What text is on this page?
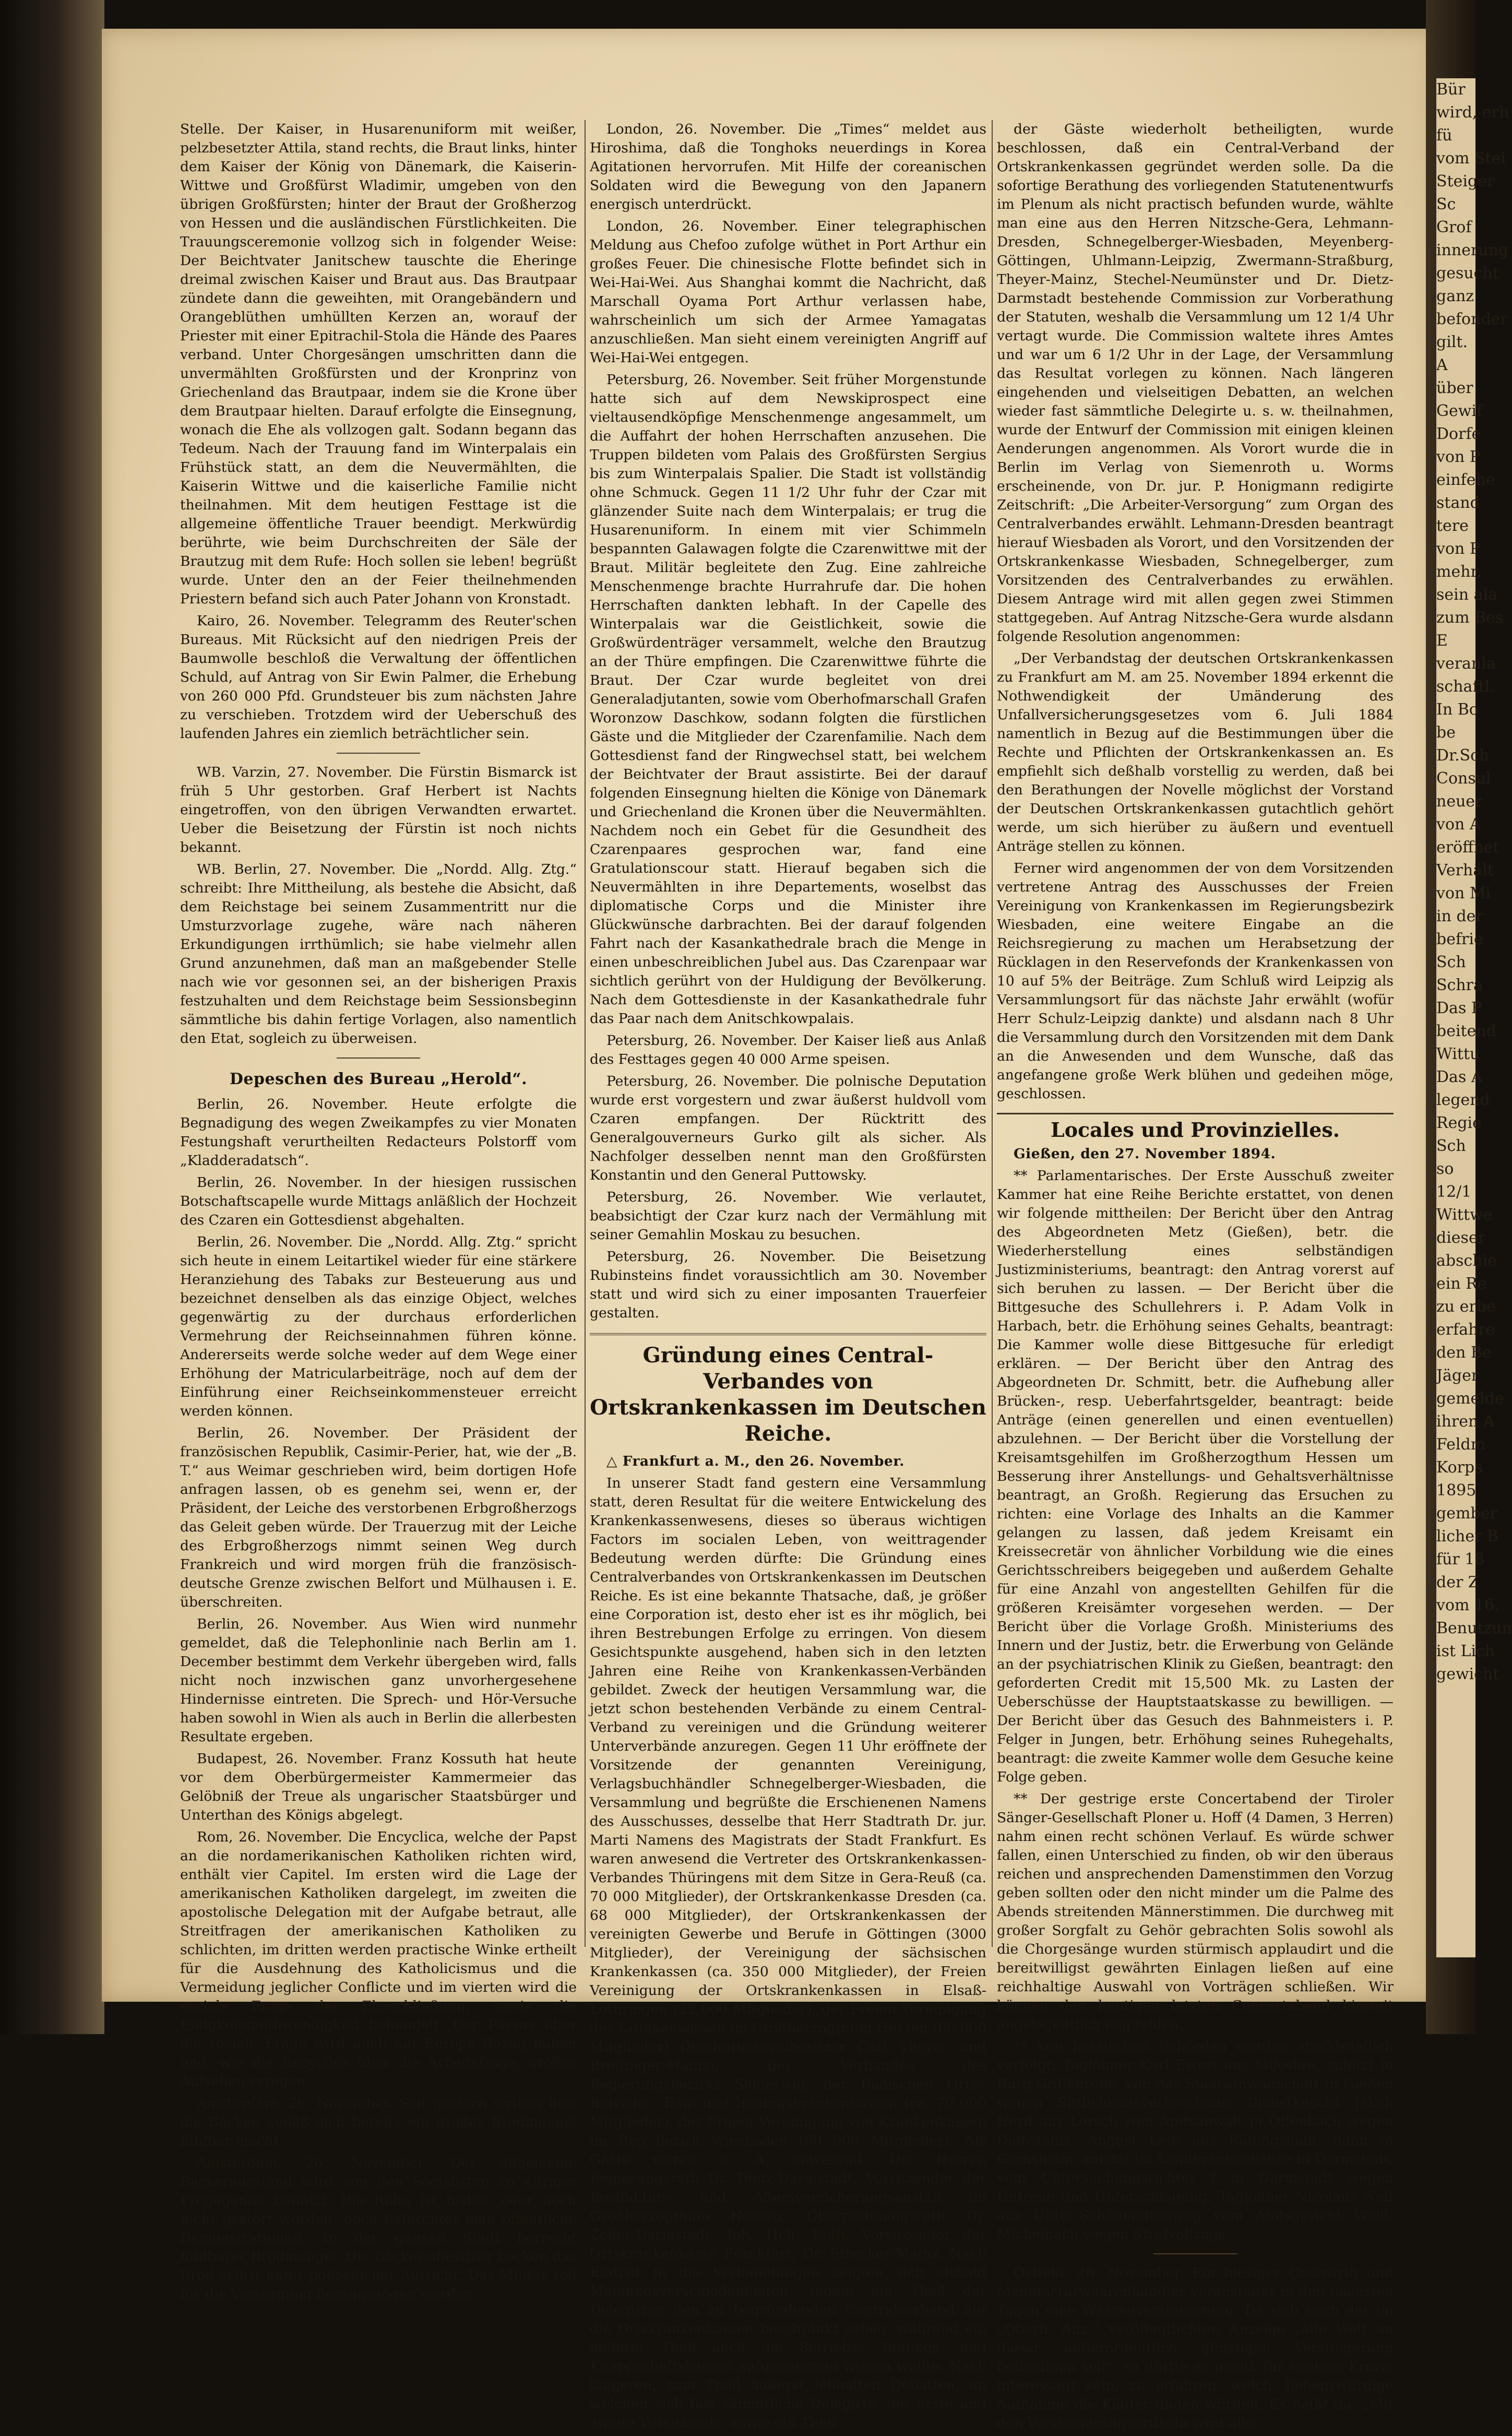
Stelle. Der Kaiser, in Husarenuniform mit weißer, pelzbesetzter Attila, stand rechts, die Braut links, hinter dem Kaiser der König von Dänemark, die Kaiserin-Wittwe und Großfürst Wladimir, umgeben von den übrigen Großfürsten; hinter der Braut der Großherzog von Hessen und die ausländischen Fürstlichkeiten. Die Trauungsceremonie vollzog sich in folgender Weise: Der Beichtvater Janitschew tauschte die Eheringe dreimal zwischen Kaiser und Braut aus. Das Brautpaar zündete dann die geweihten, mit Orangebändern und Orangeblüthen umhüllten Kerzen an, worauf der Priester mit einer Epitrachil-Stola die Hände des Paares verband. Unter Chorgesängen umschritten dann die unvermählten Großfürsten und der Kronprinz von Griechenland das Brautpaar, indem sie die Krone über dem Brautpaar hielten. Darauf erfolgte die Einsegnung, wonach die Ehe als vollzogen galt. Sodann begann das Tedeum. Nach der Trauung fand im Winterpalais ein Frühstück statt, an dem die Neuvermählten, die Kaiserin Wittwe und die kaiserliche Familie nicht theilnahmen. Mit dem heutigen Festtage ist die allgemeine öffentliche Trauer beendigt. Merkwürdig berührte, wie beim Durchschreiten der Säle der Brautzug mit dem Rufe: Hoch sollen sie leben! begrüßt wurde. Unter den an der Feier theilnehmenden Priestern befand sich auch Pater Johann von Kronstadt.

Kairo, 26. November. Telegramm des Reuter'schen Bureaus. Mit Rücksicht auf den niedrigen Preis der Baumwolle beschloß die Verwaltung der öffentlichen Schuld, auf Antrag von Sir Ewin Palmer, die Erhebung von 260 000 Pfd. Grundsteuer bis zum nächsten Jahre zu verschieben. Trotzdem wird der Ueberschuß des laufenden Jahres ein ziemlich beträchtlicher sein.

WB. Varzin, 27. November. Die Fürstin Bismarck ist früh 5 Uhr gestorben. Graf Herbert ist Nachts eingetroffen, von den übrigen Verwandten erwartet. Ueber die Beisetzung der Fürstin ist noch nichts bekannt.

WB. Berlin, 27. November. Die „Nordd. Allg. Ztg.“ schreibt: Ihre Mittheilung, als bestehe die Absicht, daß dem Reichstage bei seinem Zusammentritt nur die Umsturzvorlage zugehe, wäre nach näheren Erkundigungen irrthümlich; sie habe vielmehr allen Grund anzunehmen, daß man an maßgebender Stelle nach wie vor gesonnen sei, an der bisherigen Praxis festzuhalten und dem Reichstage beim Sessionsbeginn sämmtliche bis dahin fertige Vorlagen, also namentlich den Etat, sogleich zu überweisen.

Depeschen des Bureau „Herold“.

Berlin, 26. November. Heute erfolgte die Begnadigung des wegen Zweikampfes zu vier Monaten Festungshaft verurtheilten Redacteurs Polstorff vom „Kladderadatsch“.

Berlin, 26. November. In der hiesigen russischen Botschaftscapelle wurde Mittags anläßlich der Hochzeit des Czaren ein Gottesdienst abgehalten.

Berlin, 26. November. Die „Nordd. Allg. Ztg.“ spricht sich heute in einem Leitartikel wieder für eine stärkere Heranziehung des Tabaks zur Besteuerung aus und bezeichnet denselben als das einzige Object, welches gegenwärtig zu der durchaus erforderlichen Vermehrung der Reichseinnahmen führen könne. Andererseits werde solche weder auf dem Wege einer Erhöhung der Matricularbeiträge, noch auf dem der Einführung einer Reichseinkommensteuer erreicht werden können.

Berlin, 26. November. Der Präsident der französischen Republik, Casimir-Perier, hat, wie der „B. T.“ aus Weimar geschrieben wird, beim dortigen Hofe anfragen lassen, ob es genehm sei, wenn er, der Präsident, der Leiche des verstorbenen Erbgroßherzogs das Geleit geben würde. Der Trauerzug mit der Leiche des Erbgroßherzogs nimmt seinen Weg durch Frankreich und wird morgen früh die französisch-deutsche Grenze zwischen Belfort und Mülhausen i. E. überschreiten.

Berlin, 26. November. Aus Wien wird nunmehr gemeldet, daß die Telephonlinie nach Berlin am 1. December bestimmt dem Verkehr übergeben wird, falls nicht noch inzwischen ganz unvorhergesehene Hindernisse eintreten. Die Sprech- und Hör-Versuche haben sowohl in Wien als auch in Berlin die allerbesten Resultate ergeben.

Budapest, 26. November. Franz Kossuth hat heute vor dem Oberbürgermeister Kammermeier das Gelöbniß der Treue als ungarischer Staatsbürger und Unterthan des Königs abgelegt.

Rom, 26. November. Die Encyclica, welche der Papst an die nordamerikanischen Katholiken richten wird, enthält vier Capitel. Im ersten wird die Lage der amerikanischen Katholiken dargelegt, im zweiten die apostolische Delegation mit der Aufgabe betraut, alle Streitfragen der amerikanischen Katholiken zu schlichten, im dritten werden practische Winke ertheilt für die Ausdehnung des Katholicismus und die Vermeidung jeglicher Conflicte und im vierten wird die sociale Frage der Eheschließung, sowie die Einigkeitsnothwendigkeit behandelt. Der Passus über die sociale Frage wird auch auf Europa Bezug haben und, wie die Encyclica über die Arbeitsfrage, großes Aufsehen erregen.

Amsterdam, 26. November. Seit gestern striken hier die Bäcker, sodaß sich bereits ein großer Brodmangel fühlbar macht.

Amsterdam, 26. November. Der allgemeine Bäckerausstand wird von den Socialisten zu eifriger Propaganda benutzt. Die Ruhe ist bisher zwar noch nicht gestört worden, doch befürchtet man öffentliche Demonstrationen. In der ganzen Stadt herrscht fühlbarer Brodmangel. Die Bäckereibesitzer backen das Brod selbst unter polizeilicher Aufsicht. Das Militär soll für die Versorgung herangezogen werden.

London, 26. November. Die „Times“ meldet aus Hiroshima, daß die Tonghoks neuerdings in Korea Agitationen hervorrufen. Mit Hilfe der coreanischen Soldaten wird die Bewegung von den Japanern energisch unterdrückt.

London, 26. November. Einer telegraphischen Meldung aus Chefoo zufolge wüthet in Port Arthur ein großes Feuer. Die chinesische Flotte befindet sich in Wei-Hai-Wei. Aus Shanghai kommt die Nachricht, daß Marschall Oyama Port Arthur verlassen habe, wahrscheinlich um sich der Armee Yamagatas anzuschließen. Man sieht einem vereinigten Angriff auf Wei-Hai-Wei entgegen.

Petersburg, 26. November. Seit früher Morgenstunde hatte sich auf dem Newskiprospect eine vieltausendköpfige Menschenmenge angesammelt, um die Auffahrt der hohen Herrschaften anzusehen. Die Truppen bildeten vom Palais des Großfürsten Sergius bis zum Winterpalais Spalier. Die Stadt ist vollständig ohne Schmuck. Gegen 11 1/2 Uhr fuhr der Czar mit glänzender Suite nach dem Winterpalais; er trug die Husarenuniform. In einem mit vier Schimmeln bespannten Galawagen folgte die Czarenwittwe mit der Braut. Militär begleitete den Zug. Eine zahlreiche Menschenmenge brachte Hurrahrufe dar. Die hohen Herrschaften dankten lebhaft. In der Capelle des Winterpalais war die Geistlichkeit, sowie die Großwürdenträger versammelt, welche den Brautzug an der Thüre empfingen. Die Czarenwittwe führte die Braut. Der Czar wurde begleitet von drei Generaladjutanten, sowie vom Oberhofmarschall Grafen Woronzow Daschkow, sodann folgten die fürstlichen Gäste und die Mitglieder der Czarenfamilie. Nach dem Gottesdienst fand der Ringwechsel statt, bei welchem der Beichtvater der Braut assistirte. Bei der darauf folgenden Einsegnung hielten die Könige von Dänemark und Griechenland die Kronen über die Neuvermählten. Nachdem noch ein Gebet für die Gesundheit des Czarenpaares gesprochen war, fand eine Gratulationscour statt. Hierauf begaben sich die Neuvermählten in ihre Departements, woselbst das diplomatische Corps und die Minister ihre Glückwünsche darbrachten. Bei der darauf folgenden Fahrt nach der Kasankathedrale brach die Menge in einen unbeschreiblichen Jubel aus. Das Czarenpaar war sichtlich gerührt von der Huldigung der Bevölkerung. Nach dem Gottesdienste in der Kasankathedrale fuhr das Paar nach dem Anitschkowpalais.

Petersburg, 26. November. Der Kaiser ließ aus Anlaß des Festtages gegen 40 000 Arme speisen.

Petersburg, 26. November. Die polnische Deputation wurde erst vorgestern und zwar äußerst huldvoll vom Czaren empfangen. Der Rücktritt des Generalgouverneurs Gurko gilt als sicher. Als Nachfolger desselben nennt man den Großfürsten Konstantin und den General Puttowsky.

Petersburg, 26. November. Wie verlautet, beabsichtigt der Czar kurz nach der Vermählung mit seiner Gemahlin Moskau zu besuchen.

Petersburg, 26. November. Die Beisetzung Rubinsteins findet voraussichtlich am 30. November statt und wird sich zu einer imposanten Trauerfeier gestalten.

Gründung eines Central-Verbandes von Ortskrankenkassen im Deutschen Reiche.

△ Frankfurt a. M., den 26. November.

In unserer Stadt fand gestern eine Versammlung statt, deren Resultat für die weitere Entwickelung des Krankenkassenwesens, dieses so überaus wichtigen Factors im socialen Leben, von weittragender Bedeutung werden dürfte: Die Gründung eines Centralverbandes von Ortskrankenkassen im Deutschen Reiche. Es ist eine bekannte Thatsache, daß, je größer eine Corporation ist, desto eher ist es ihr möglich, bei ihren Bestrebungen Erfolge zu erringen. Von diesem Gesichtspunkte ausgehend, haben sich in den letzten Jahren eine Reihe von Krankenkassen-Verbänden gebildet. Zweck der heutigen Versammlung war, die jetzt schon bestehenden Verbände zu einem Central-Verband zu vereinigen und die Gründung weiterer Unterverbände anzuregen. Gegen 11 Uhr eröffnete der Vorsitzende der genannten Vereinigung, Verlagsbuchhändler Schnegelberger-Wiesbaden, die Versammlung und begrüßte die Erschienenen Namens des Ausschusses, desselbe that Herr Stadtrath Dr. jur. Marti Namens des Magistrats der Stadt Frankfurt. Es waren anwesend die Vertreter des Ortskrankenkassen-Verbandes Thüringens mit dem Sitze in Gera-Reuß (ca. 70 000 Mitglieder), der Ortskrankenkasse Dresden (ca. 68 000 Mitglieder), der Ortskrankenkassen der vereinigten Gewerbe und Berufe in Göttingen (3000 Mitglieder), der Vereinigung der sächsischen Krankenkassen (ca. 350 000 Mitglieder), der Freien Vereinigung der Ortskrankenkassen in Elsaß-Lothringen (22 000 Mitglieder), der Freien Vereinigung der Krankenkassen im Großherzogthum Hessen (60 000 Mitglieder) (Buchdruckereibesitzer Carl Theyer und Breitinger-Mainz), des Verbandes des Regierungsbezirks Schleswig, der Badischen Orts-, Betriebs-, Bau- und Innungskrankenkassen (ca. 70 000 Mitglieder), der Freien Vereinigung von Krankenkassen im Reg.-Bezirk Wiesbaden (60 000 Mitglieder). Als Gäste waren u. A. anwesend: Die Herren Regierungsrath Dr. Dietz-Darmstadt, Vorsitzender der Invaliditäts- und Altersversicherungsanstalt im Großherzogthum Hessen, Oberrechnungsrath Dr. Zeller-Darmstadt, Joh. Hch. Roth, Vorsitzender der Ortskrankenkasse Frankfurt, Dr. Strecker-Mainz. Nach Eintritt in die Verhandlungen zeigten sich alsbald Meinungsverschiedenheiten, indem ein Theil der Delegirten den zu begründenden Centralverband auf die Ortskrankenkassen beschränkt sehen, während ein anderer Theil auch die Betriebs-, Innungs- und Knappschaftskassen aufgenommen wissen wollte. Nach längeren, zum Theil äußerst lebhaften Debatten, an welchen sich fast sämmtliche Delegirte, der erste und zweite Vorsitzende, sowie ein Theil

der Gäste wiederholt betheiligten, wurde beschlossen, daß ein Central-Verband der Ortskrankenkassen gegründet werden solle. Da die sofortige Berathung des vorliegenden Statutenentwurfs im Plenum als nicht practisch befunden wurde, wählte man eine aus den Herren Nitzsche-Gera, Lehmann-Dresden, Schnegelberger-Wiesbaden, Meyenberg-Göttingen, Uhlmann-Leipzig, Zwermann-Straßburg, Theyer-Mainz, Stechel-Neumünster und Dr. Dietz-Darmstadt bestehende Commission zur Vorberathung der Statuten, weshalb die Versammlung um 12 1/4 Uhr vertagt wurde. Die Commission waltete ihres Amtes und war um 6 1/2 Uhr in der Lage, der Versammlung das Resultat vorlegen zu können. Nach längeren eingehenden und vielseitigen Debatten, an welchen wieder fast sämmtliche Delegirte u. s. w. theilnahmen, wurde der Entwurf der Commission mit einigen kleinen Aenderungen angenommen. Als Vorort wurde die in Berlin im Verlag von Siemenroth u. Worms erscheinende, von Dr. jur. P. Honigmann redigirte Zeitschrift: „Die Arbeiter-Versorgung“ zum Organ des Centralverbandes erwählt. Lehmann-Dresden beantragt hierauf Wiesbaden als Vorort, und den Vorsitzenden der Ortskrankenkasse Wiesbaden, Schnegelberger, zum Vorsitzenden des Centralverbandes zu erwählen. Diesem Antrage wird mit allen gegen zwei Stimmen stattgegeben. Auf Antrag Nitzsche-Gera wurde alsdann folgende Resolution angenommen:

„Der Verbandstag der deutschen Ortskrankenkassen zu Frankfurt am M. am 25. November 1894 erkennt die Nothwendigkeit der Umänderung des Unfallversicherungsgesetzes vom 6. Juli 1884 namentlich in Bezug auf die Bestimmungen über die Rechte und Pflichten der Ortskrankenkassen an. Es empfiehlt sich deßhalb vorstellig zu werden, daß bei den Berathungen der Novelle möglichst der Vorstand der Deutschen Ortskrankenkassen gutachtlich gehört werde, um sich hierüber zu äußern und eventuell Anträge stellen zu können.

Ferner wird angenommen der von dem Vorsitzenden vertretene Antrag des Ausschusses der Freien Vereinigung von Krankenkassen im Regierungsbezirk Wiesbaden, eine weitere Eingabe an die Reichsregierung zu machen um Herabsetzung der Rücklagen in den Reservefonds der Krankenkassen von 10 auf 5% der Beiträge. Zum Schluß wird Leipzig als Versammlungsort für das nächste Jahr erwählt (wofür Herr Schulz-Leipzig dankte) und alsdann nach 8 Uhr die Versammlung durch den Vorsitzenden mit dem Dank an die Anwesenden und dem Wunsche, daß das angefangene große Werk blühen und gedeihen möge, geschlossen.

Locales und Provinzielles.

Gießen, den 27. November 1894.

** Parlamentarisches. Der Erste Ausschuß zweiter Kammer hat eine Reihe Berichte erstattet, von denen wir folgende mittheilen: Der Bericht über den Antrag des Abgeordneten Metz (Gießen), betr. die Wiederherstellung eines selbständigen Justizministeriums, beantragt: den Antrag vorerst auf sich beruhen zu lassen. — Der Bericht über die Bittgesuche des Schullehrers i. P. Adam Volk in Harbach, betr. die Erhöhung seines Gehalts, beantragt: Die Kammer wolle diese Bittgesuche für erledigt erklären. — Der Bericht über den Antrag des Abgeordneten Dr. Schmitt, betr. die Aufhebung aller Brücken-, resp. Ueberfahrtsgelder, beantragt: beide Anträge (einen generellen und einen eventuellen) abzulehnen. — Der Bericht über die Vorstellung der Kreisamtsgehilfen im Großherzogthum Hessen um Besserung ihrer Anstellungs- und Gehaltsverhältnisse beantragt, an Großh. Regierung das Ersuchen zu richten: eine Vorlage des Inhalts an die Kammer gelangen zu lassen, daß jedem Kreisamt ein Kreissecretär von ähnlicher Vorbildung wie die eines Gerichtsschreibers beigegeben und außerdem Gehalte für eine Anzahl von angestellten Gehilfen für die größeren Kreisämter vorgesehen werden. — Der Bericht über die Vorlage Großh. Ministeriums des Innern und der Justiz, betr. die Erwerbung von Gelände an der psychiatrischen Klinik zu Gießen, beantragt: den geforderten Credit mit 15,500 Mk. zu Lasten der Ueberschüsse der Hauptstaatskasse zu bewilligen. — Der Bericht über das Gesuch des Bahnmeisters i. P. Felger in Jungen, betr. Erhöhung seines Ruhegehalts, beantragt: die zweite Kammer wolle dem Gesuche keine Folge geben.

** Der gestrige erste Concertabend der Tiroler Sänger-Gesellschaft Ploner u. Hoff (4 Damen, 3 Herren) nahm einen recht schönen Verlauf. Es würde schwer fallen, einen Unterschied zu finden, ob wir den überaus reichen und ansprechenden Damenstimmen den Vorzug geben sollten oder den nicht minder um die Palme des Abends streitenden Männerstimmen. Die durchweg mit großer Sorgfalt zu Gehör gebrachten Solis sowohl als die Chorgesänge wurden stürmisch applaudirt und die bereitwilligst gewährten Einlagen ließen auf eine reichhaltige Auswahl von Vorträgen schließen. Wir können den heutigen letzten Concertabend hiermit angelegentlich empfehlen.

** Von hessischen Behörden werden steckbrieflich verfolgt: Taglöhner Karl Ewert aus Miloslaw, zuletzt in Burg-Gräfenrode, von der Staatsanwaltschaft in Gießen wegen Sittlichkeitsverbrechens; Dienstknecht Jakob Herd aus Lorsch vom Amtsanwalt in Offenbach wegen Diebstahls; August Lein aus Rüdingshain, dann in Gernsheim, zuletzt im Landkrankenhause in Darmstadt, vom Untersuchungsrichter I in Darmstadt wegen Untreue und Unterschlagung; Taglöhner Nicolaus Neff aus Unter-Schönmattenwag vom Amtsgericht Wald-Michelbach wegen Strafvollzugs.

Ostfeld, 26. November. Ein hiesiger Gastwirth und Manufacturwaarenhändler veranstaltet in den nächsten Tagen eine Waarenversteigerung. Da sich nach der im „Oberh. Anz.“ veröffentlichten Anzeige „alle Welt an dieser außerordentlich günstigen Versteigerung betheiligen soll“, so dürfte es gewiß für weitere Kreise interessant sein, zu erfahren, welch' liebenswürdige Aufnahme die Käufer finden würden. Es heißt da: „Mit den Versteigerungsartikeln wird alle

Bür

wird, erh

fü

vom Stei

Steiger

Sc

Grof

innerung

gesucht

ganz

befonder

gilt.

A

über

Gewif

Dorfe

von P

einfehe

stand

tere

von P

mehr,

sein ala

zum Bes

E

veranla

schaftl.

In Bo

be

Dr.Sch

Consul

neuer

von A

eröffnet

Verhält

von Mi

in der

befrie

Sch

Schra

Das P

beitend

Wittu

Das A

legend

Regie

Sch

so

12/1

Wittwe

dieser

abschie

ein Re

zu erbe

erfahre

den Be

Jäger

gemelde

ihren A

Feldm

Korps

1895

gember

licher B

für 18

der Z

vom 16.

Benutzun

ist Lich

gewicht
